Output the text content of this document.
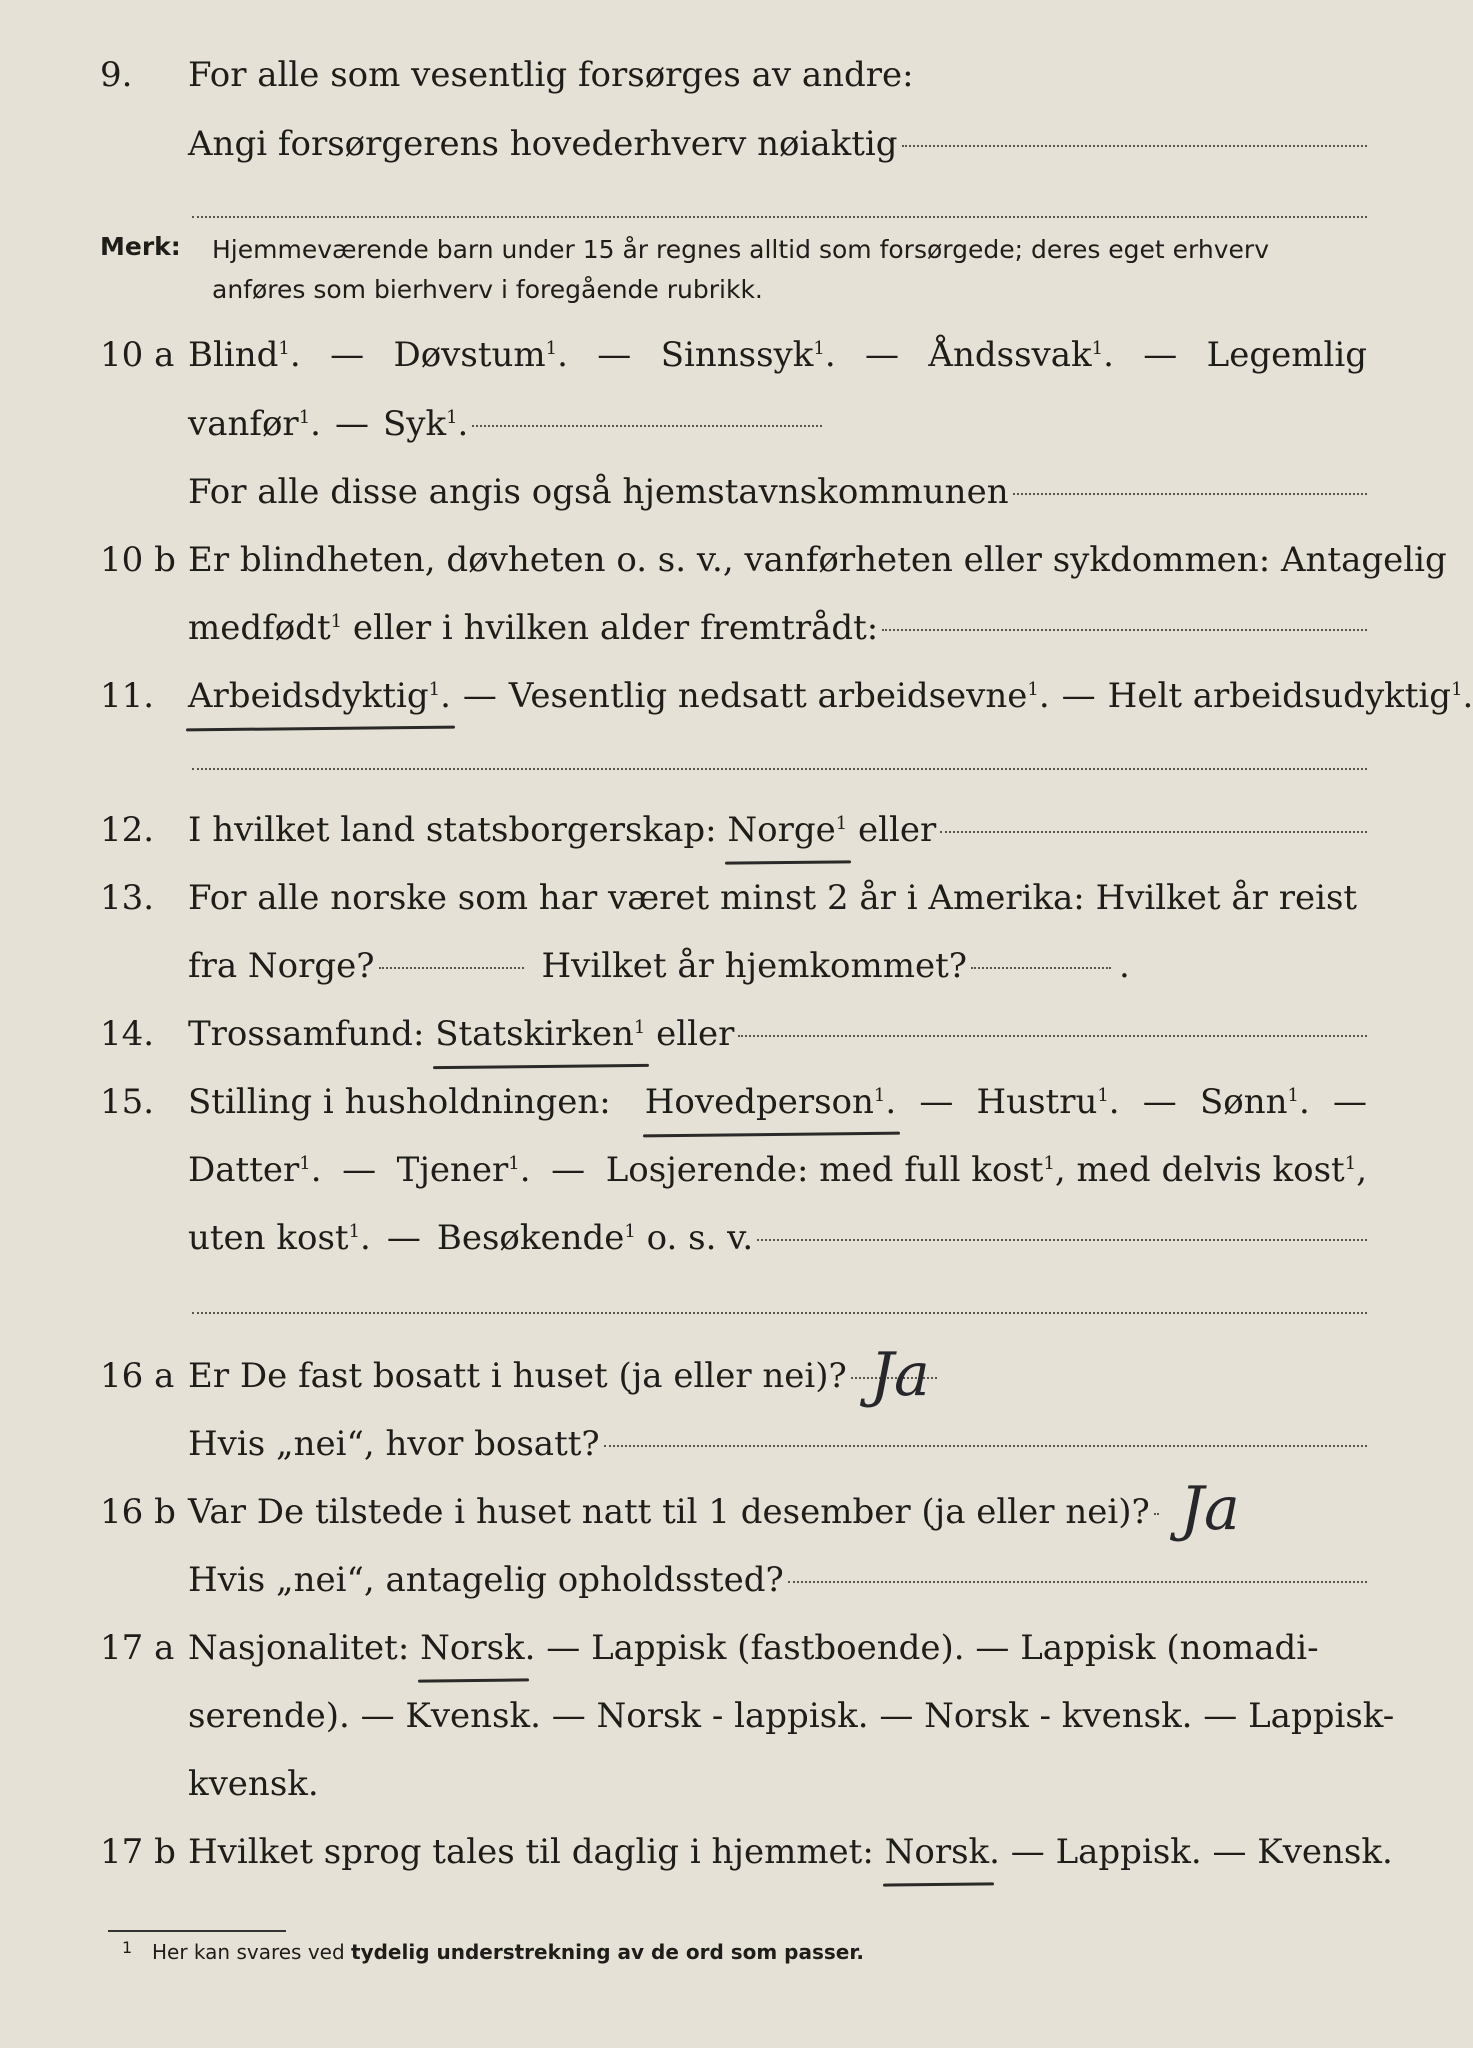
9. For alle som vesentlig forsørges av andre:
Angi forsørgerens hovederhverv nøiaktig
Merk: Hjemmeværende barn under 15 år regnes alltid som forsørgede; deres eget erhverv
anføres som bierhverv i foregående rubrikk.
10 a Blind$^1$. — Døvstum$^1$. — Sinnssyk$^1$. — Åndssvak$^1$. — Legemlig
vanfør$^1$. — Syk$^1$.
For alle disse angis også hjemstavnskommunen
10 b Er blindheten, døvheten o. s. v., vanførheten eller sykdommen: Antagelig
medfødt$^1$ eller i hvilken alder fremtrådt:
11. Arbeidsdyktig$^1$. — Vesentlig nedsatt arbeidsevne$^1$. — Helt arbeidsudyktig$^1$.
12. I hvilket land statsborgerskap: Norge$^1$ eller
13. For alle norske som har været minst 2 år i Amerika: Hvilket år reist
fra Norge?	Hvilket år hjemkommet?	.
14. Trossamfund: Statskirken$^1$ eller
15. Stilling i husholdningen: Hovedperson$^1$. — Hustru$^1$. — Sønn$^1$. —
Datter$^1$. — Tjener$^1$. — Losjerende: med full kost$^1$, med delvis kost$^1$,
uten kost$^1$. — Besøkende$^1$ o. s. v.
16 a Er De fast bosatt i huset (ja eller nei)? Ja
Hvis „nei“, hvor bosatt?
16 b Var De tilstede i huset natt til 1 desember (ja eller nei)? Ja
Hvis „nei“, antagelig opholdssted?
17 a Nasjonalitet: Norsk . — Lappisk (fastboende). — Lappisk (nomadi-
serende). — Kvensk. — Norsk - lappisk. — Norsk - kvensk. — Lappisk-
kvensk.
17 b Hvilket sprog tales til daglig i hjemmet: Norsk . — Lappisk. — Kvensk.
1 Her kan svares ved tydelig understrekning av de ord som passer.
